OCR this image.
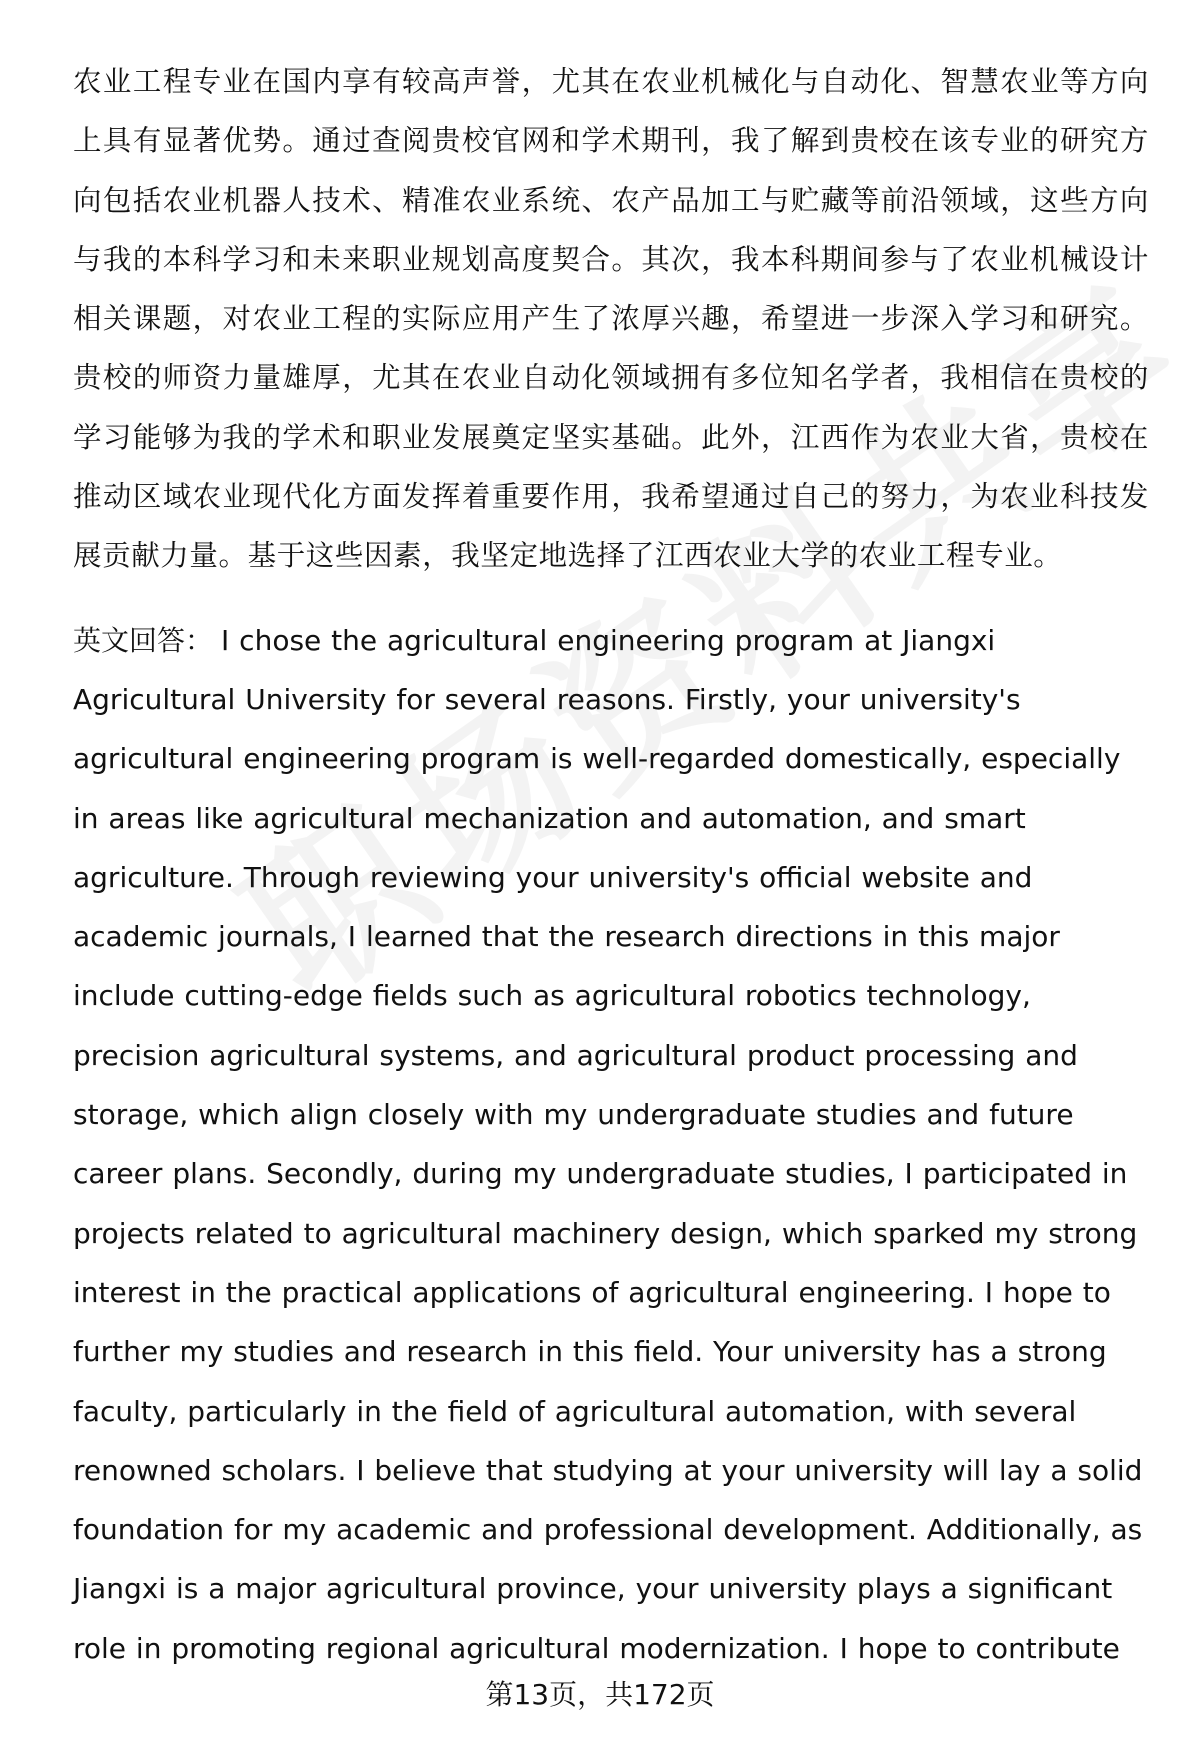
农业工程专业在国内享有较高声誉，尤其在农业机械化与自动化、智慧农业等方向上具有显著优势。通过查阅贵校官网和学术期刊，我了解到贵校在该专业的研究方向包括农业机器人技术、精准农业系统、农产品加工与贮藏等前沿领域，这些方向与我的本科学习和未来职业规划高度契合。其次，我本科期间参与了农业机械设计相关课题，对农业工程的实际应用产生了浓厚兴趣，希望进一步深入学习和研究。贵校的师资力量雄厚，尤其在农业自动化领域拥有多位知名学者，我相信在贵校的学习能够为我的学术和职业发展奠定坚实基础。此外，江西作为农业大省，贵校在推动区域农业现代化方面发挥着重要作用，我希望通过自己的努力，为农业科技发展贡献力量。基于这些因素，我坚定地选择了江西农业大学的农业工程专业。

英文回答： I chose the agricultural engineering program at Jiangxi Agricultural University for several reasons. Firstly, your university's agricultural engineering program is well-regarded domestically, especially in areas like agricultural mechanization and automation, and smart agriculture. Through reviewing your university's official website and academic journals, I learned that the research directions in this major include cutting-edge fields such as agricultural robotics technology, precision agricultural systems, and agricultural product processing and storage, which align closely with my undergraduate studies and future career plans. Secondly, during my undergraduate studies, I participated in projects related to agricultural machinery design, which sparked my strong interest in the practical applications of agricultural engineering. I hope to further my studies and research in this field. Your university has a strong faculty, particularly in the field of agricultural automation, with several renowned scholars. I believe that studying at your university will lay a solid foundation for my academic and professional development. Additionally, as Jiangxi is a major agricultural province, your university plays a significant role in promoting regional agricultural modernization. I hope to contribute

第13页，共172页
